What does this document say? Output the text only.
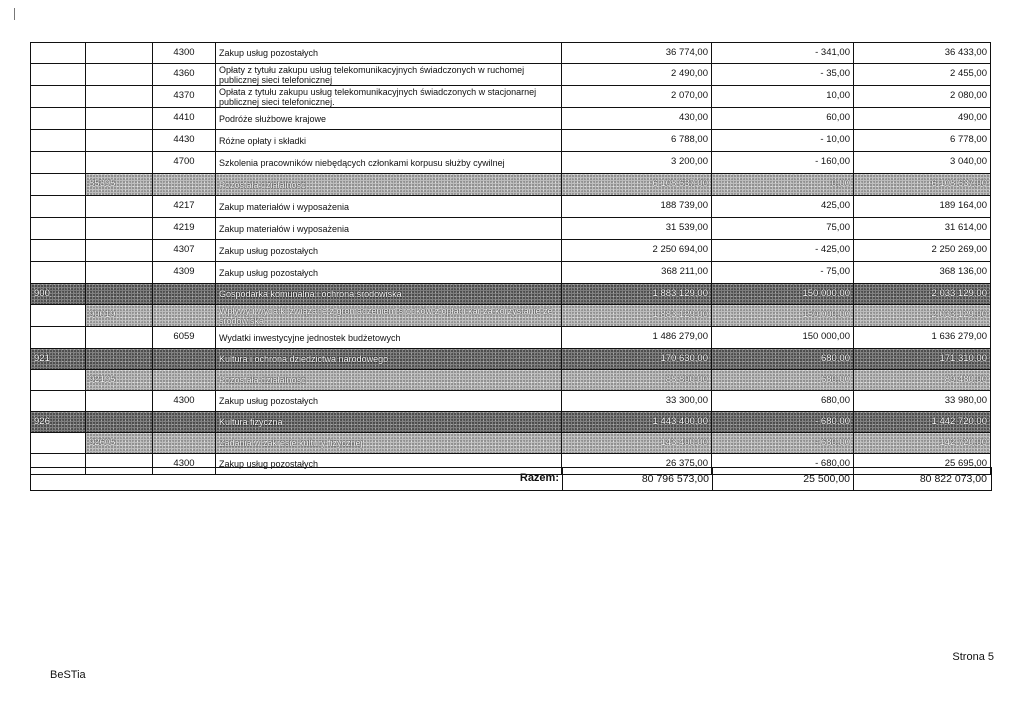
		4300	Zakup usług pozostałych	36 774,00	- 341,00	36 433,00
		4360	Opłaty z tytułu zakupu usług telekomunikacyjnych świadczonych w ruchomej publicznej sieci telefonicznej	2 490,00	- 35,00	2 455,00
		4370	Opłata z tytułu zakupu usług telekomunikacyjnych świadczonych w stacjonarnej publicznej sieci telefonicznej.	2 070,00	10,00	2 080,00
		4410	Podróże służbowe krajowe	430,00	60,00	490,00
		4430	Różne opłaty i składki	6 788,00	- 10,00	6 778,00
		4700	Szkolenia pracowników niebędących członkami korpusu służby cywilnej	3 200,00	- 160,00	3 040,00
	85395		Pozostała działalność	6 108 637,00	0,00	6 108 637,00
		4217	Zakup materiałów i wyposażenia	188 739,00	425,00	189 164,00
		4219	Zakup materiałów i wyposażenia	31 539,00	75,00	31 614,00
		4307	Zakup usług pozostałych	2 250 694,00	- 425,00	2 250 269,00
		4309	Zakup usług pozostałych	368 211,00	- 75,00	368 136,00
900			Gospodarka komunalna i ochrona środowiska	1 883 129,00	150 000,00	2 033 129,00
	90019		Wpływy i wydatki związane z gromadzeniem środków z opłat i kar za korzystanie ze środowiska	1 883 129,00	150 000,00	2 033 129,00
		6059	Wydatki inwestycyjne jednostek budżetowych	1 486 279,00	150 000,00	1 636 279,00
921			Kultura i ochrona dziedzictwa narodowego	170 630,00	680,00	171 310,00
	92195		Pozostała działalność	88 800,00	680,00	89 480,00
		4300	Zakup usług pozostałych	33 300,00	680,00	33 980,00
926			Kultura fizyczna	1 443 400,00	- 680,00	1 442 720,00
	92605		Zadania w zakresie kultury fizycznej	143 400,00	- 680,00	142 720,00
		4300	Zakup usług pozostałych	26 375,00	- 680,00	25 695,00
Razem:	80 796 573,00	25 500,00	80 822 073,00
BeSTia
Strona 5
